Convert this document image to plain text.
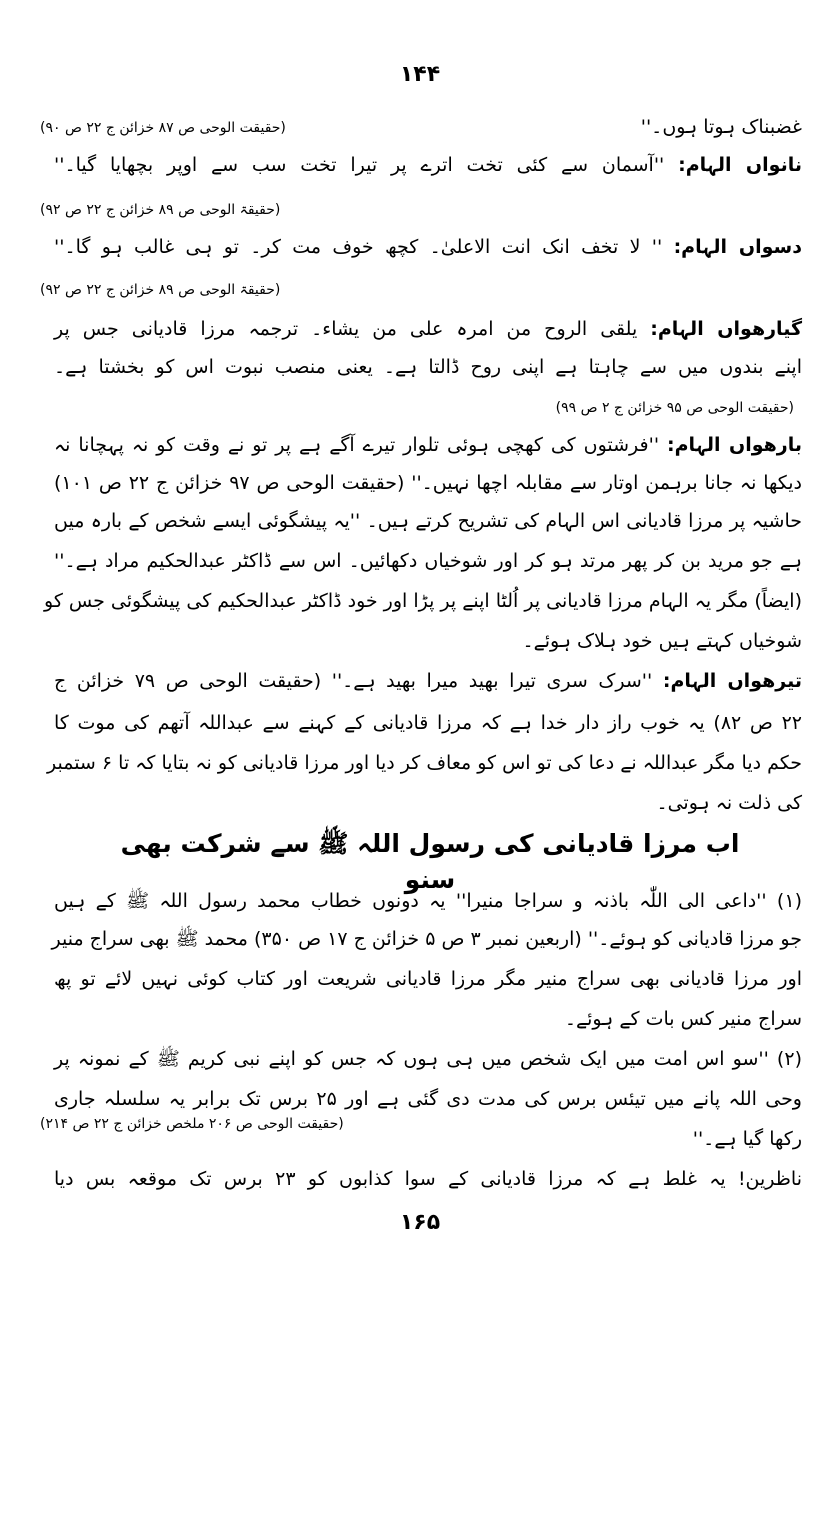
۱۴۴
غضبناک ہوتا ہوں۔''
(حقیقت الوحی ص ۸۷ خزائن ج ۲۲ ص ۹۰)
نانواں الہام: ''آسمان سے کئی تخت اترے پر تیرا تخت سب سے اوپر بچھایا گیا۔''
(حقیقۃ الوحی ص ۸۹ خزائن ج ۲۲ ص ۹۲)
دسواں الہام: '' لا تخف انک انت الاعلیٰ۔ کچھ خوف مت کر۔ تو ہی غالب ہو گا۔''
(حقیقۃ الوحی ص ۸۹ خزائن ج ۲۲ ص ۹۲)
گیارھواں الہام: یلقی الروح من امرہ علی من یشاء۔ ترجمہ مرزا قادیانی جس پر
اپنے بندوں میں سے چاہتا ہے اپنی روح ڈالتا ہے۔ یعنی منصب نبوت اس کو بخشتا ہے۔
(حقیقت الوحی ص ۹۵ خزائن ج ۲ ص ۹۹)
بارھواں الہام: ''فرشتوں کی کھچی ہوئی تلوار تیرے آگے ہے پر تو نے وقت کو نہ پہچانا نہ
دیکھا نہ جانا برہمن اوتار سے مقابلہ اچھا نہیں۔'' (حقیقت الوحی ص ۹۷ خزائن ج ۲۲ ص ۱۰۱)
حاشیہ پر مرزا قادیانی اس الہام کی تشریح کرتے ہیں۔ ''یہ پیشگوئی ایسے شخص کے بارہ میں
ہے جو مرید بن کر پھر مرتد ہو کر اور شوخیاں دکھائیں۔ اس سے ڈاکٹر عبدالحکیم مراد ہے۔''
(ایضاً) مگر یہ الہام مرزا قادیانی پر اُلٹا اپنے پر پڑا اور خود ڈاکٹر عبدالحکیم کی پیشگوئی جس کو
شوخیاں کہتے ہیں خود ہلاک ہوئے۔
تیرھواں الہام: ''سرک سری تیرا بھید میرا بھید ہے۔'' (حقیقت الوحی ص ۷۹ خزائن ج
۲۲ ص ۸۲) یہ خوب راز دار خدا ہے کہ مرزا قادیانی کے کہنے سے عبداللہ آتھم کی موت کا
حکم دیا مگر عبداللہ نے دعا کی تو اس کو معاف کر دیا اور مرزا قادیانی کو نہ بتایا کہ تا ۶ ستمبر
کی ذلت نہ ہوتی۔
اب مرزا قادیانی کی رسول اللہ ﷺ سے شرکت بھی سنو
(۱) ''داعی الی اللّٰہ باذنہ و سراجا منیرا'' یہ دونوں خطاب محمد رسول اللہ ﷺ کے ہیں
جو مرزا قادیانی کو ہوئے۔'' (اربعین نمبر ۳ ص ۵ خزائن ج ۱۷ ص ۳۵۰) محمد ﷺ بھی سراج منیر
اور مرزا قادیانی بھی سراج منیر مگر مرزا قادیانی شریعت اور کتاب کوئی نہیں لائے تو پھ
سراج منیر کس بات کے ہوئے۔
(۲) ''سو اس امت میں ایک شخص میں ہی ہوں کہ جس کو اپنے نبی کریم ﷺ کے نمونہ پر
وحی اللہ پانے میں تیئس برس کی مدت دی گئی ہے اور ۲۵ برس تک برابر یہ سلسلہ جاری
رکھا گیا ہے۔''
(حقیقت الوحی ص ۲۰۶ ملخص خزائن ج ۲۲ ص ۲۱۴)
ناظرین! یہ غلط ہے کہ مرزا قادیانی کے سوا کذابوں کو ۲۳ برس تک موقعہ بس دیا
۱۶۵
